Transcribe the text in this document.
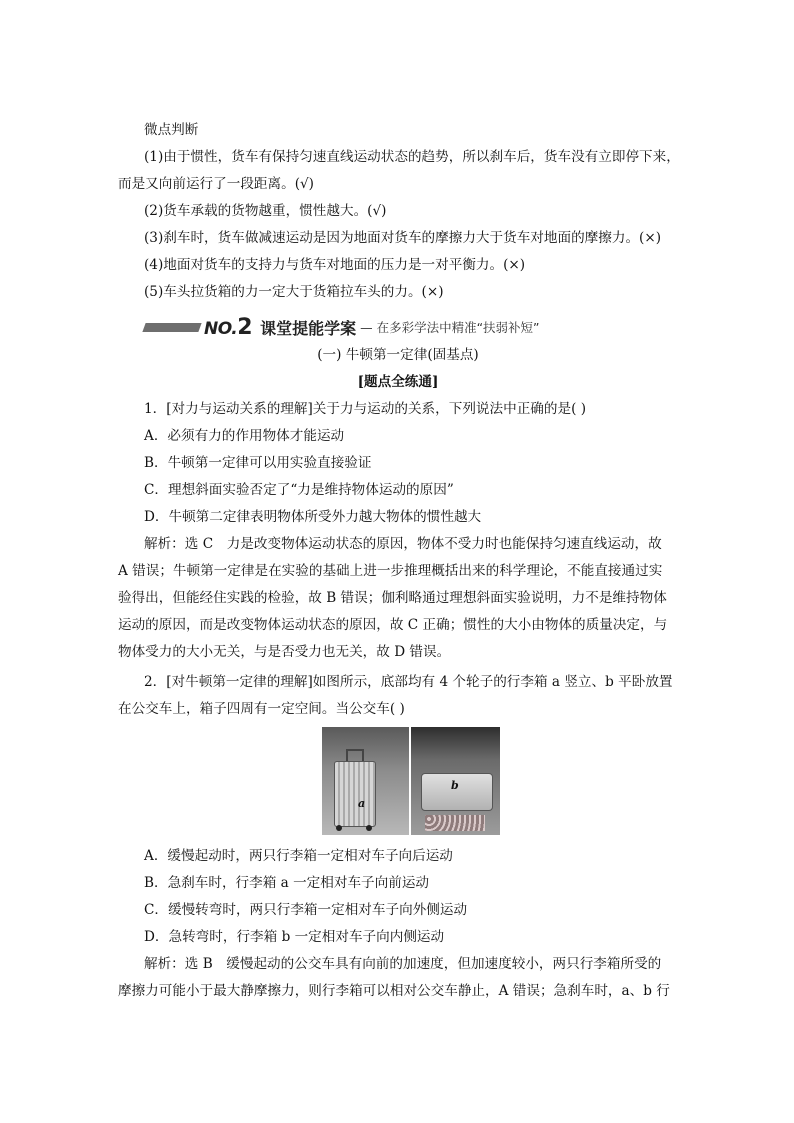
微点判断
(1)由于惯性，货车有保持匀速直线运动状态的趋势，所以刹车后，货车没有立即停下来，
而是又向前运行了一段距离。(√)
(2)货车承载的货物越重，惯性越大。(√)
(3)刹车时，货车做减速运动是因为地面对货车的摩擦力大于货车对地面的摩擦力。(×)
(4)地面对货车的支持力与货车对地面的压力是一对平衡力。(×)
(5)车头拉货箱的力一定大于货箱拉车头的力。(×)
NO.2 课堂提能学案 — 在多彩学法中精准“扶弱补短”
(一) 牛顿第一定律(固基点)
[题点全练通]
1．[对力与运动关系的理解]关于力与运动的关系，下列说法中正确的是( )
A．必须有力的作用物体才能运动
B．牛顿第一定律可以用实验直接验证
C．理想斜面实验否定了“力是维持物体运动的原因”
D．牛顿第二定律表明物体所受外力越大物体的惯性越大
解析：选 C　力是改变物体运动状态的原因，物体不受力时也能保持匀速直线运动，故
A 错误；牛顿第一定律是在实验的基础上进一步推理概括出来的科学理论，不能直接通过实
验得出，但能经住实践的检验，故 B 错误；伽利略通过理想斜面实验说明，力不是维持物体
运动的原因，而是改变物体运动状态的原因，故 C 正确；惯性的大小由物体的质量决定，与
物体受力的大小无关，与是否受力也无关，故 D 错误。
2．[对牛顿第一定律的理解]如图所示，底部均有 4 个轮子的行李箱 a 竖立、b 平卧放置
在公交车上，箱子四周有一定空间。当公交车( )
a
b
A．缓慢起动时，两只行李箱一定相对车子向后运动
B．急刹车时，行李箱 a 一定相对车子向前运动
C．缓慢转弯时，两只行李箱一定相对车子向外侧运动
D．急转弯时，行李箱 b 一定相对车子向内侧运动
解析：选 B　缓慢起动的公交车具有向前的加速度，但加速度较小，两只行李箱所受的
摩擦力可能小于最大静摩擦力，则行李箱可以相对公交车静止，A 错误；急刹车时，a、b 行
